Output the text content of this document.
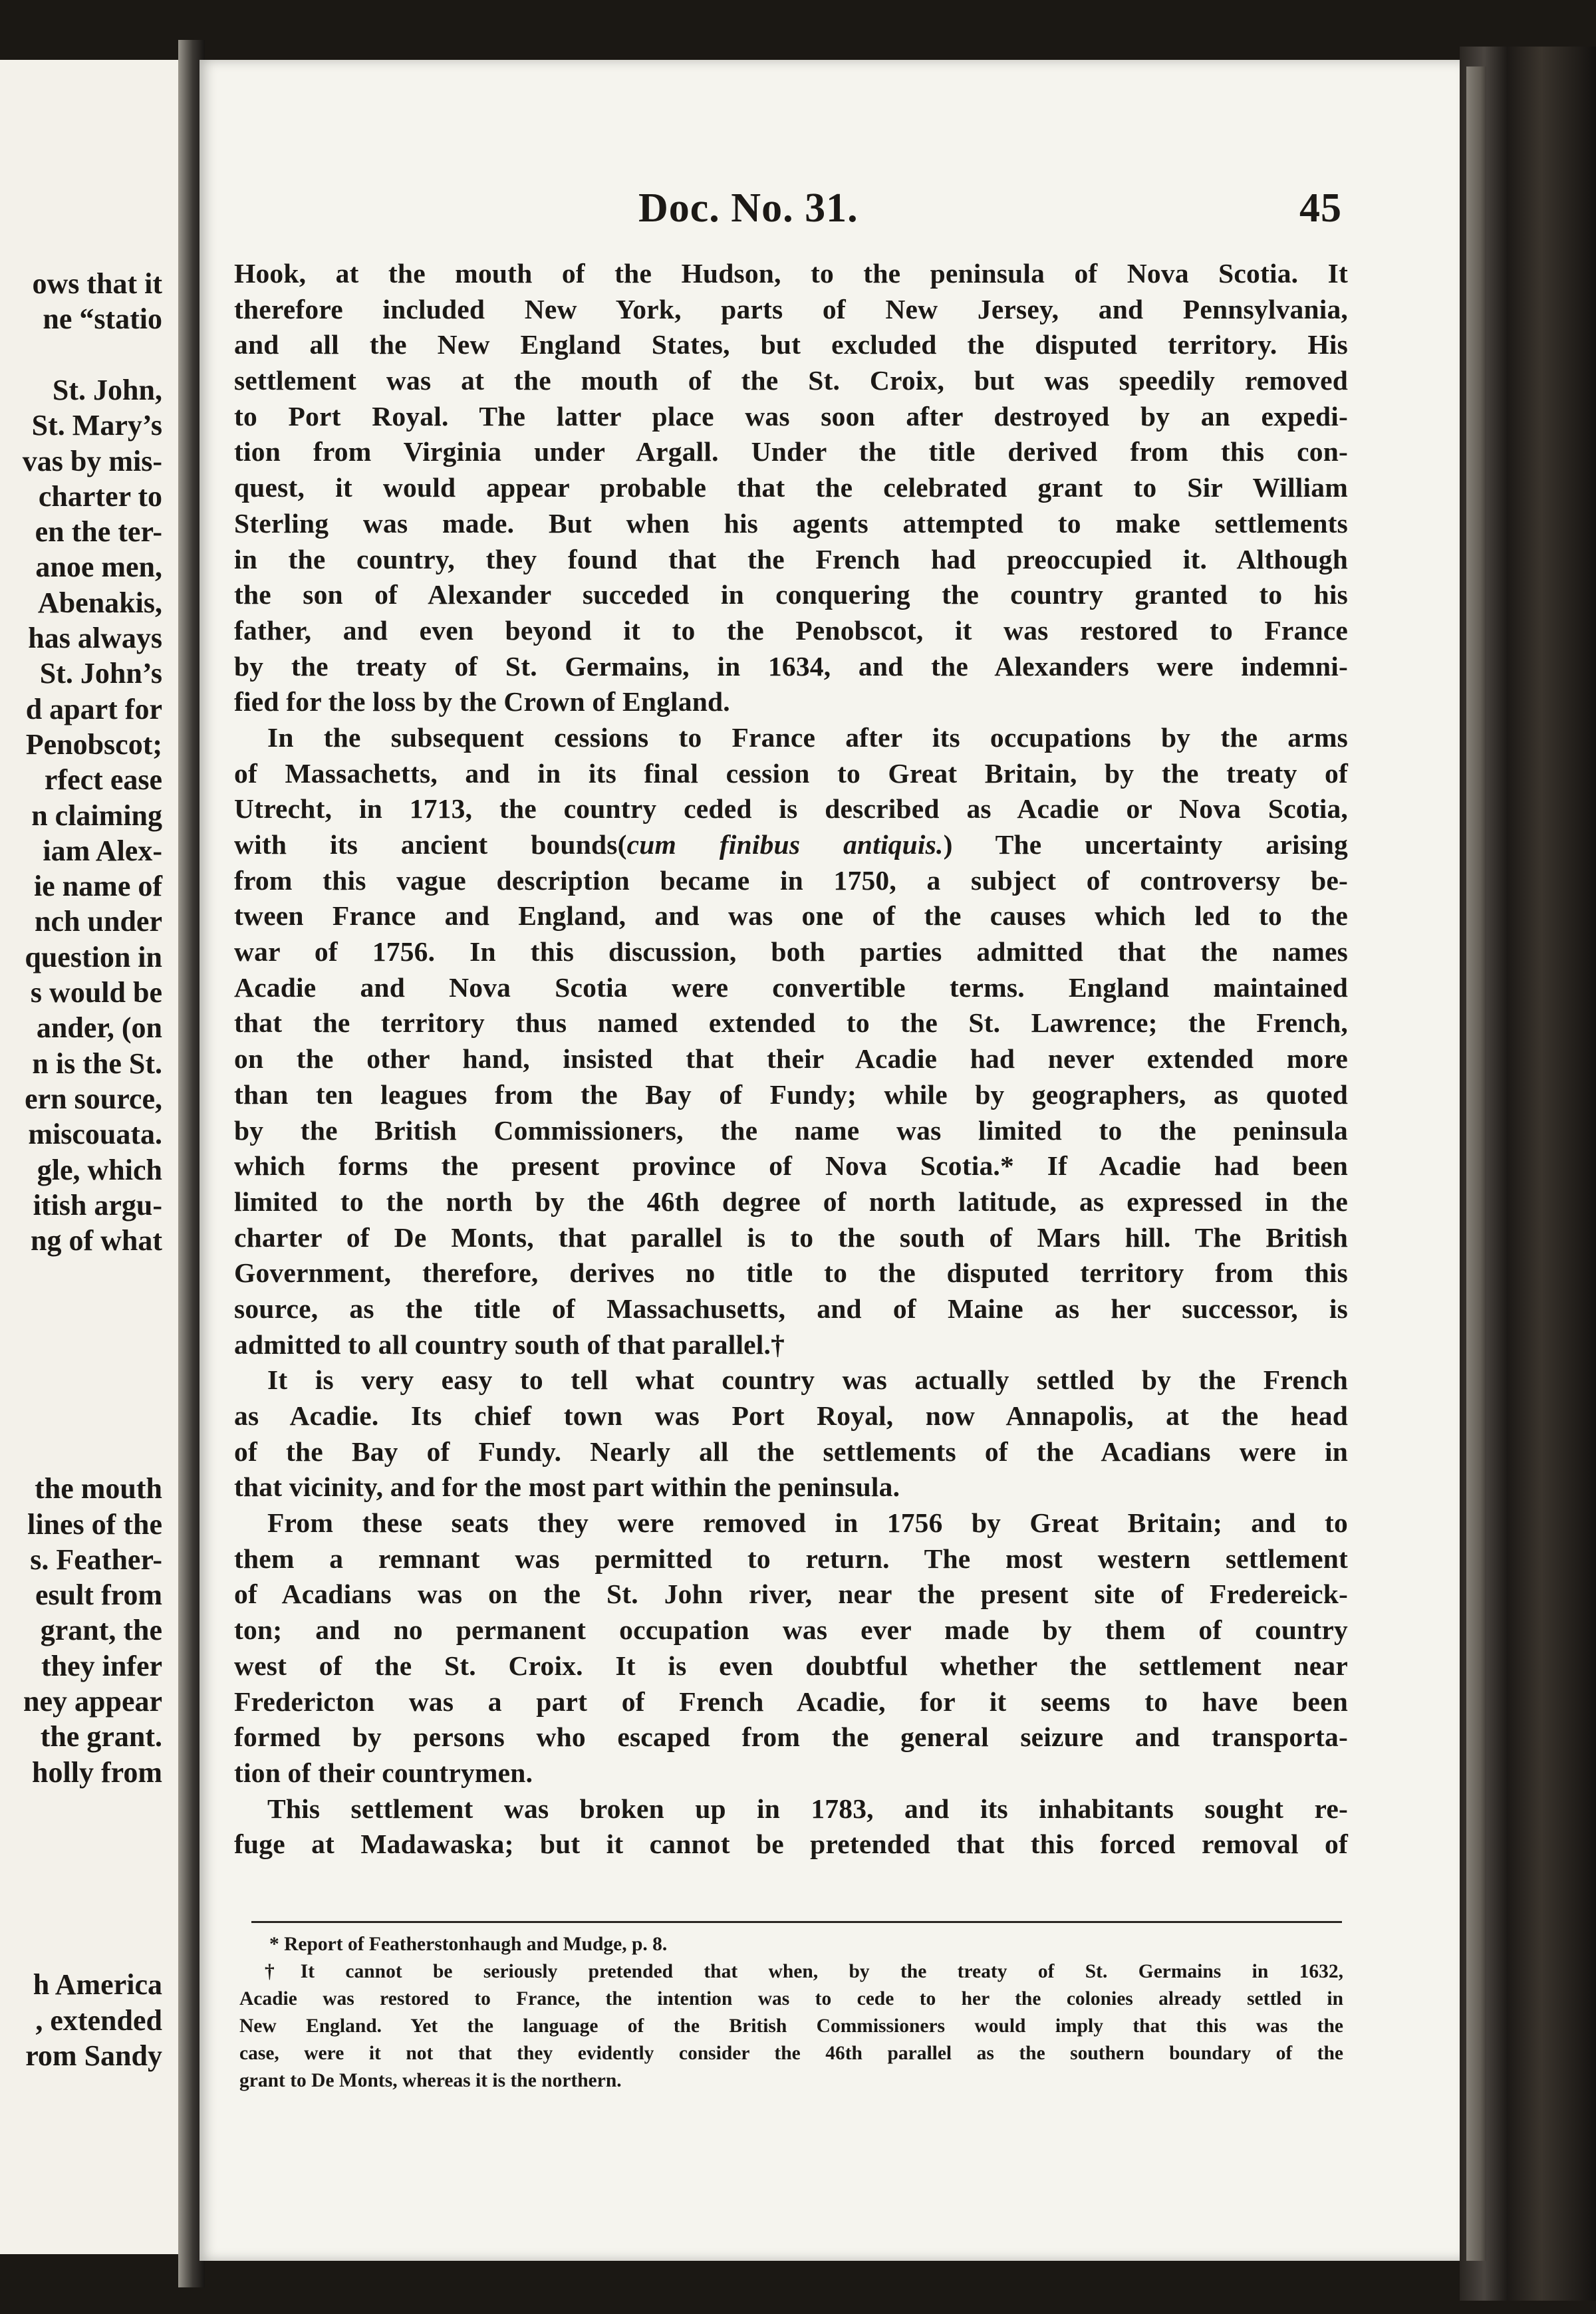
ows that it
ne “statio
St. John,
St. Mary’s
vas by mis-
charter to
en the ter-
anoe men,
Abenakis,
has always
St. John’s
d apart for
Penobscot;
rfect ease
n claiming
iam Alex-
ie name of
nch under
question in
s would be
ander, (on
n is the St.
ern source,
miscouata.
gle, which
itish argu-
ng of what
the mouth
lines of the
s. Feather-
esult from
grant, the
they infer
ney appear
the grant.
holly from
h America
, extended
rom Sandy
Doc. No. 31.	45
Hook, at the mouth of the Hudson, to the peninsula of Nova Scotia. It
therefore included New York, parts of New Jersey, and Pennsylvania,
and all the New England States, but excluded the disputed territory. His
settlement was at the mouth of the St. Croix, but was speedily removed
to Port Royal. The latter place was soon after destroyed by an expedi-
tion from Virginia under Argall. Under the title derived from this con-
quest, it would appear probable that the celebrated grant to Sir William
Sterling was made. But when his agents attempted to make settlements
in the country, they found that the French had preoccupied it. Although
the son of Alexander succeded in conquering the country granted to his
father, and even beyond it to the Penobscot, it was restored to France
by the treaty of St. Germains, in 1634, and the Alexanders were indemni-
fied for the loss by the Crown of England.
In the subsequent cessions to France after its occupations by the arms
of Massachetts, and in its final cession to Great Britain, by the treaty of
Utrecht, in 1713, the country ceded is described as Acadie or Nova Scotia,
with its ancient bounds(cum finibus antiquis.) The uncertainty arising
from this vague description became in 1750, a subject of controversy be-
tween France and England, and was one of the causes which led to the
war of 1756. In this discussion, both parties admitted that the names
Acadie and Nova Scotia were convertible terms. England maintained
that the territory thus named extended to the St. Lawrence; the French,
on the other hand, insisted that their Acadie had never extended more
than ten leagues from the Bay of Fundy; while by geographers, as quoted
by the British Commissioners, the name was limited to the peninsula
which forms the present province of Nova Scotia.* If Acadie had been
limited to the north by the 46th degree of north latitude, as expressed in the
charter of De Monts, that parallel is to the south of Mars hill. The British
Government, therefore, derives no title to the disputed territory from this
source, as the title of Massachusetts, and of Maine as her successor, is
admitted to all country south of that parallel.†
It is very easy to tell what country was actually settled by the French
as Acadie. Its chief town was Port Royal, now Annapolis, at the head
of the Bay of Fundy. Nearly all the settlements of the Acadians were in
that vicinity, and for the most part within the peninsula.
From these seats they were removed in 1756 by Great Britain; and to
them a remnant was permitted to return. The most western settlement
of Acadians was on the St. John river, near the present site of Fredereick-
ton; and no permanent occupation was ever made by them of country
west of the St. Croix. It is even doubtful whether the settlement near
Fredericton was a part of French Acadie, for it seems to have been
formed by persons who escaped from the general seizure and transporta-
tion of their countrymen.
This settlement was broken up in 1783, and its inhabitants sought re-
fuge at Madawaska; but it cannot be pretended that this forced removal of
* Report of Featherstonhaugh and Mudge, p. 8.
†It cannot be seriously pretended that when, by the treaty of St. Germains in 1632,
Acadie was restored to France, the intention was to cede to her the colonies already settled in
New England. Yet the language of the British Commissioners would imply that this was the
case, were it not that they evidently consider the 46th parallel as the southern boundary of the
grant to De Monts, whereas it is the northern.
